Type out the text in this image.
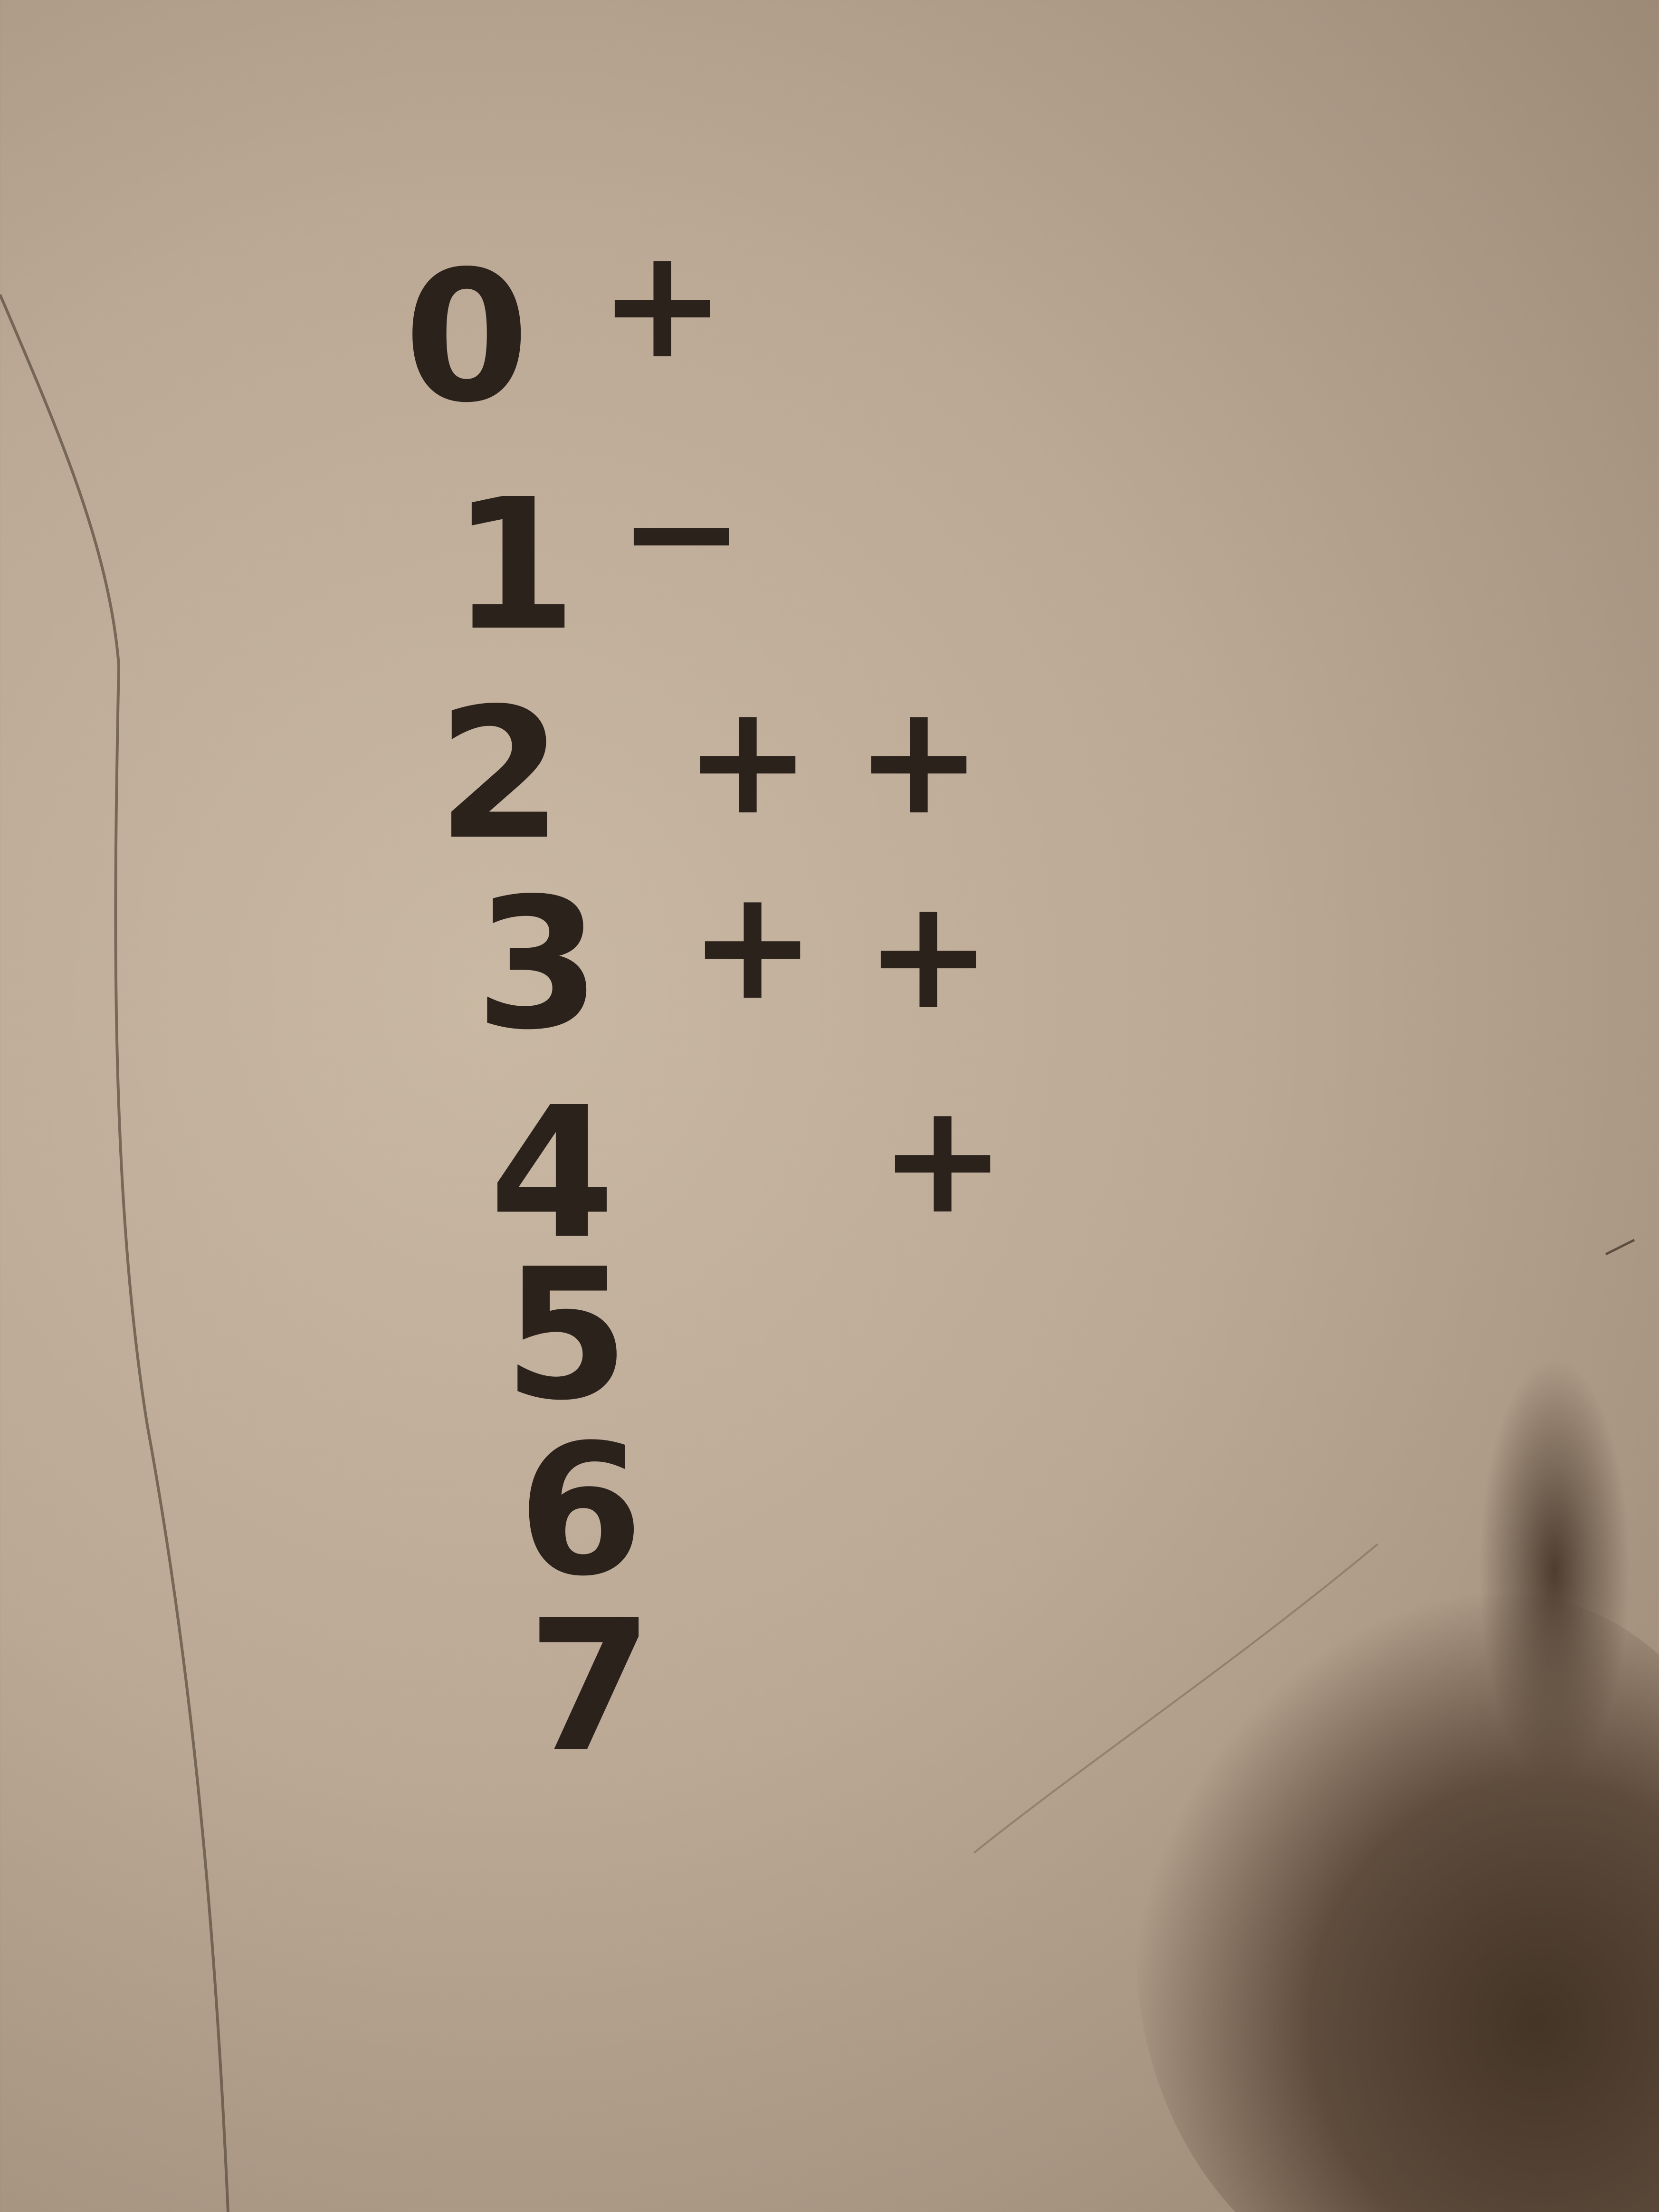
0 +
1 −
2 + +
3 + +
4 +
5
6
7
